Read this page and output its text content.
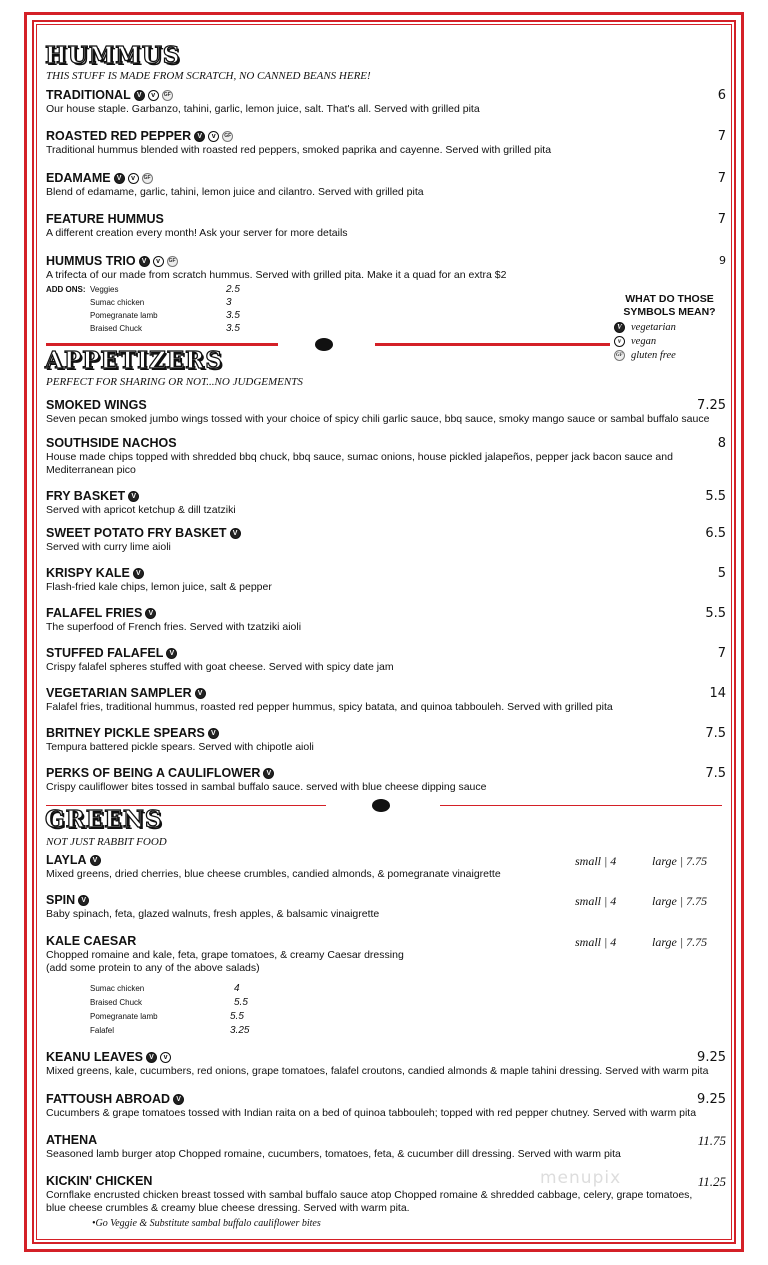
HUMMUS

THIS STUFF IS MADE FROM SCRATCH, NO CANNED BEANS HERE!

TRADITIONAL V	v	GF
Our house staple. Garbanzo, tahini, garlic, lemon juice, salt. That's all. Served with grilled pita
6
ROASTED RED PEPPER V	v	GF
Traditional hummus blended with roasted red peppers, smoked paprika and cayenne. Served with grilled pita
7
EDAMAME V	v	GF
Blend of edamame, garlic, tahini, lemon juice and cilantro. Served with grilled pita
7
FEATURE HUMMUS
A different creation every month! Ask your server for more details
7
HUMMUS TRIO V	v	GF
A trifecta of our made from scratch hummus. Served with grilled pita. Make it a quad for an extra $2
9
ADD ONS: Veggies	2.5
Sumac chicken	3
Pomegranate lamb	3.5
Braised Chuck	3.5
WHAT DO THOSE
SYMBOLS MEAN?
V vegetarian
v vegan
GF gluten free
APPETIZERS

PERFECT FOR SHARING OR NOT...NO JUDGEMENTS

SMOKED WINGS
Seven pecan smoked jumbo wings tossed with your choice of spicy chili garlic sauce, bbq sauce, smoky mango sauce or sambal buffalo sauce
7.25
SOUTHSIDE NACHOS
House made chips topped with shredded bbq chuck, bbq sauce, sumac onions, house pickled jalapeños, pepper jack bacon sauce and
Mediterranean pico
8
FRY BASKET V
Served with apricot ketchup & dill tzatziki
5.5
SWEET POTATO FRY BASKET V
Served with curry lime aioli
6.5
KRISPY KALE V
Flash-fried kale chips, lemon juice, salt & pepper
5
FALAFEL FRIES V
The superfood of French fries. Served with tzatziki aioli
5.5
STUFFED FALAFEL V
Crispy falafel spheres stuffed with goat cheese. Served with spicy date jam
7
VEGETARIAN SAMPLER V
Falafel fries, traditional hummus, roasted red pepper hummus, spicy batata, and quinoa tabbouleh. Served with grilled pita
14
BRITNEY PICKLE SPEARS V
Tempura battered pickle spears. Served with chipotle aioli
7.5
PERKS OF BEING A CAULIFLOWER V
Crispy cauliflower bites tossed in sambal buffalo sauce. served with blue cheese dipping sauce
7.5
GREENS

NOT JUST RABBIT FOOD

LAYLA V
Mixed greens, dried cherries, blue cheese crumbles, candied almonds, & pomegranate vinaigrette
small | 4	large | 7.75
SPIN V
Baby spinach, feta, glazed walnuts, fresh apples, & balsamic vinaigrette
small | 4	large | 7.75
KALE CAESAR
Chopped romaine and kale, feta, grape tomatoes, & creamy Caesar dressing
(add some protein to any of the above salads)
small | 4	large | 7.75
Sumac chicken	4
Braised Chuck	5.5
Pomegranate lamb	5.5
Falafel	3.25
KEANU LEAVES V	v
Mixed greens, kale, cucumbers, red onions, grape tomatoes, falafel croutons, candied almonds & maple tahini dressing. Served with warm pita
9.25
FATTOUSH ABROAD V
Cucumbers & grape tomatoes tossed with Indian raita on a bed of quinoa tabbouleh; topped with red pepper chutney. Served with warm pita
9.25
ATHENA
Seasoned lamb burger atop Chopped romaine, cucumbers, tomatoes, feta, & cucumber dill dressing. Served with warm pita
11.75
KICKIN' CHICKEN
Cornflake encrusted chicken breast tossed with sambal buffalo sauce atop Chopped romaine & shredded cabbage, celery, grape tomatoes,
blue cheese crumbles & creamy blue cheese dressing. Served with warm pita.
11.25
•Go Veggie & Substitute sambal buffalo cauliflower bites
menupix
